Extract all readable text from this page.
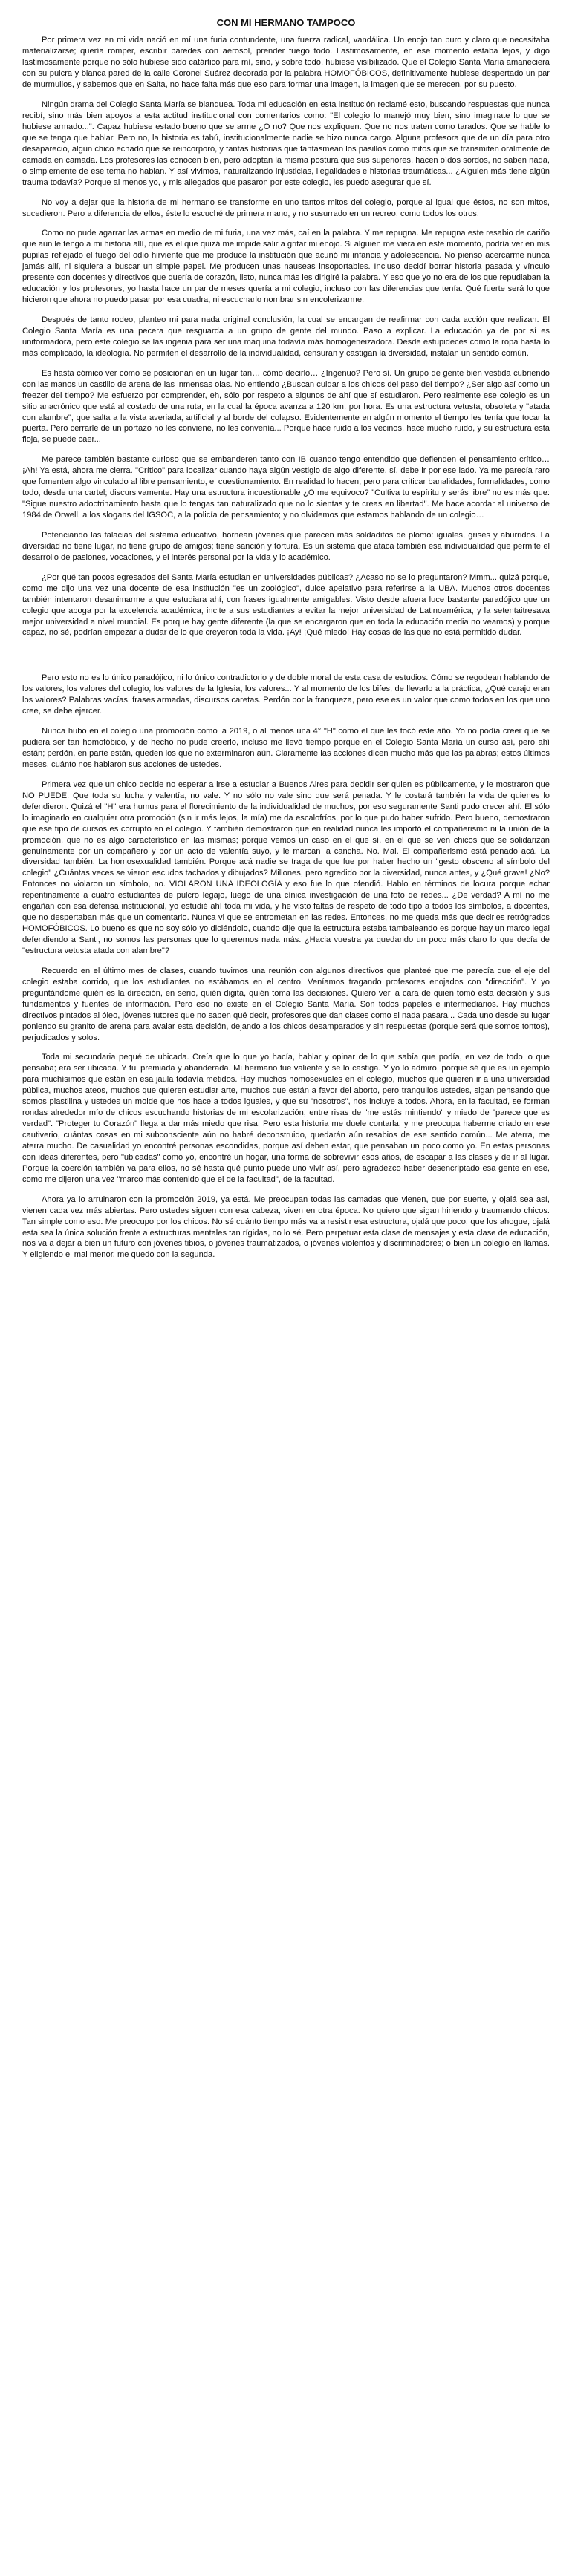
CON MI HERMANO TAMPOCO

Por primera vez en mi vida nació en mí una furia contundente, una fuerza radical, vandálica. Un enojo tan puro y claro que necesitaba materializarse; quería romper, escribir paredes con aerosol, prender fuego todo. Lastimosamente, en ese momento estaba lejos, y digo lastimosamente porque no sólo hubiese sido catártico para mí, sino, y sobre todo, hubiese visibilizado. Que el Colegio Santa María amaneciera con su pulcra y blanca pared de la calle Coronel Suárez decorada por la palabra HOMOFÓBICOS, definitivamente hubiese despertado un par de murmullos, y sabemos que en Salta, no hace falta más que eso para formar una imagen, la imagen que se merecen, por su puesto.

Ningún drama del Colegio Santa María se blanquea. Toda mi educación en esta institución reclamé esto, buscando respuestas que nunca recibí, sino más bien apoyos a esta actitud institucional con comentarios como: "El colegio lo manejó muy bien, sino imaginate lo que se hubiese armado...". Capaz hubiese estado bueno que se arme ¿O no? Que nos expliquen. Que no nos traten como tarados. Que se hable lo que se tenga que hablar. Pero no, la historia es tabú, institucionalmente nadie se hizo nunca cargo. Alguna profesora que de un día para otro desapareció, algún chico echado que se reincorporó, y tantas historias que fantasmean los pasillos como mitos que se transmiten oralmente de camada en camada. Los profesores las conocen bien, pero adoptan la misma postura que sus superiores, hacen oídos sordos, no saben nada, o simplemente de ese tema no hablan. Y así vivimos, naturalizando injusticias, ilegalidades e historias traumáticas... ¿Alguien más tiene algún trauma todavía? Porque al menos yo, y mis allegados que pasaron por este colegio, les puedo asegurar que sí.

No voy a dejar que la historia de mi hermano se transforme en uno tantos mitos del colegio, porque al igual que éstos, no son mitos, sucedieron. Pero a diferencia de ellos, éste lo escuché de primera mano, y no susurrado en un recreo, como todos los otros.

Como no pude agarrar las armas en medio de mi furia, una vez más, caí en la palabra. Y me repugna. Me repugna este resabio de cariño que aún le tengo a mi historia allí, que es el que quizá me impide salir a gritar mi enojo. Si alguien me viera en este momento, podría ver en mis pupilas reflejado el fuego del odio hirviente que me produce la institución que acunó mi infancia y adolescencia. No pienso acercarme nunca jamás allí, ni siquiera a buscar un simple papel. Me producen unas nauseas insoportables. Incluso decidí borrar historia pasada y vínculo presente con docentes y directivos que quería de corazón, listo, nunca más les dirigiré la palabra. Y eso que yo no era de los que repudiaban la educación y los profesores, yo hasta hace un par de meses quería a mi colegio, incluso con las diferencias que tenía. Qué fuerte será lo que hicieron que ahora no puedo pasar por esa cuadra, ni escucharlo nombrar sin encolerizarme.

Después de tanto rodeo, planteo mi para nada original conclusión, la cual se encargan de reafirmar con cada acción que realizan. El Colegio Santa María es una pecera que resguarda a un grupo de gente del mundo. Paso a explicar. La educación ya de por sí es uniformadora, pero este colegio se las ingenia para ser una máquina todavía más homogeneizadora. Desde estupideces como la ropa hasta lo más complicado, la ideología. No permiten el desarrollo de la individualidad, censuran y castigan la diversidad, instalan un sentido común.

Es hasta cómico ver cómo se posicionan en un lugar tan… cómo decirlo… ¿Ingenuo? Pero sí. Un grupo de gente bien vestida cubriendo con las manos un castillo de arena de las inmensas olas. No entiendo ¿Buscan cuidar a los chicos del paso del tiempo? ¿Ser algo así como un freezer del tiempo? Me esfuerzo por comprender, eh, sólo por respeto a algunos de ahí que sí estudiaron. Pero realmente ese colegio es un sitio anacrónico que está al costado de una ruta, en la cual la época avanza a 120 km. por hora. Es una estructura vetusta, obsoleta y "atada con alambre", que salta a la vista averiada, artificial y al borde del colapso. Evidentemente en algún momento el tiempo les tenía que tocar la puerta. Pero cerrarle de un portazo no les conviene, no les convenía... Porque hace ruido a los vecinos, hace mucho ruido, y su estructura está floja, se puede caer...

Me parece también bastante curioso que se embanderen tanto con IB cuando tengo entendido que defienden el pensamiento crítico… ¡Ah! Ya está, ahora me cierra. "Crítico" para localizar cuando haya algún vestigio de algo diferente, sí, debe ir por ese lado. Ya me parecía raro que fomenten algo vinculado al libre pensamiento, el cuestionamiento. En realidad lo hacen, pero para criticar banalidades, formalidades, como todo, desde una cartel; discursivamente. Hay una estructura incuestionable ¿O me equivoco? "Cultiva tu espíritu y serás libre" no es más que: "Sigue nuestro adoctrinamiento hasta que lo tengas tan naturalizado que no lo sientas y te creas en libertad". Me hace acordar al universo de 1984 de Orwell, a los slogans del IGSOC, a la policía de pensamiento; y no olvidemos que estamos hablando de un colegio…

Potenciando las falacias del sistema educativo, hornean jóvenes que parecen más soldaditos de plomo: iguales, grises y aburridos. La diversidad no tiene lugar, no tiene grupo de amigos; tiene sanción y tortura. Es un sistema que ataca también esa individualidad que permite el desarrollo de pasiones, vocaciones, y el interés personal por la vida y lo académico.

¿Por qué tan pocos egresados del Santa María estudian en universidades públicas? ¿Acaso no se lo preguntaron? Mmm... quizá porque, como me dijo una vez una docente de esa institución "es un zoológico", dulce apelativo para referirse a la UBA. Muchos otros docentes también intentaron desanimarme a que estudiara ahí, con frases igualmente amigables. Visto desde afuera luce bastante paradójico que un colegio que aboga por la excelencia académica, incite a sus estudiantes a evitar la mejor universidad de Latinoamérica, y la setentaitresava mejor universidad a nivel mundial. Es porque hay gente diferente (la que se encargaron que en toda la educación media no veamos) y porque capaz, no sé, podrían empezar a dudar de lo que creyeron toda la vida. ¡Ay! ¡Qué miedo! Hay cosas de las que no está permitido dudar.

Pero esto no es lo único paradójico, ni lo único contradictorio y de doble moral de esta casa de estudios. Cómo se regodean hablando de los valores, los valores del colegio, los valores de la Iglesia, los valores... Y al momento de los bifes, de llevarlo a la práctica, ¿Qué carajo eran los valores? Palabras vacías, frases armadas, discursos caretas. Perdón por la franqueza, pero ese es un valor que como todos en los que uno cree, se debe ejercer.

Nunca hubo en el colegio una promoción como la 2019, o al menos una 4° "H" como el que les tocó este año. Yo no podía creer que se pudiera ser tan homofóbico, y de hecho no pude creerlo, incluso me llevó tiempo porque en el Colegio Santa María un curso así, pero ahí están; perdón, en parte están, queden los que no exterminaron aún. Claramente las acciones dicen mucho más que las palabras; estos últimos meses, cuánto nos hablaron sus acciones de ustedes.

Primera vez que un chico decide no esperar a irse a estudiar a Buenos Aires para decidir ser quien es públicamente, y le mostraron que NO PUEDE. Que toda su lucha y valentía, no vale. Y no sólo no vale sino que será penada. Y le costará también la vida de quienes lo defendieron. Quizá el "H" era humus para el florecimiento de la individualidad de muchos, por eso seguramente Santi pudo crecer ahí. El sólo lo imaginarlo en cualquier otra promoción (sin ir más lejos, la mía) me da escalofríos, por lo que pudo haber sufrido. Pero bueno, demostraron que ese tipo de cursos es corrupto en el colegio. Y también demostraron que en realidad nunca les importó el compañerismo ni la unión de la promoción, que no es algo característico en las mismas; porque vemos un caso en el que sí, en el que se ven chicos que se solidarizan genuinamente por un compañero y por un acto de valentía suyo, y le marcan la cancha. No. Mal. El compañerismo está penado acá. La diversidad también. La homosexualidad también. Porque acá nadie se traga de que fue por haber hecho un "gesto obsceno al símbolo del colegio" ¿Cuántas veces se vieron escudos tachados y dibujados? Millones, pero agredido por la diversidad, nunca antes, y ¿Qué grave! ¿No? Entonces no violaron un símbolo, no. VIOLARON UNA IDEOLOGÍA y eso fue lo que ofendió. Hablo en términos de locura porque echar repentinamente a cuatro estudiantes de pulcro legajo, luego de una cínica investigación de una foto de redes... ¿De verdad? A mí no me engañan con esa defensa institucional, yo estudié ahí toda mi vida, y he visto faltas de respeto de todo tipo a todos los símbolos, a docentes, que no despertaban más que un comentario. Nunca vi que se entrometan en las redes. Entonces, no me queda más que decirles retrógrados HOMOFÓBICOS. Lo bueno es que no soy sólo yo diciéndolo, cuando dije que la estructura estaba tambaleando es porque hay un marco legal defendiendo a Santi, no somos las personas que lo queremos nada más. ¿Hacia vuestra ya quedando un poco más claro lo que decía de "estructura vetusta atada con alambre"?

Recuerdo en el último mes de clases, cuando tuvimos una reunión con algunos directivos que planteé que me parecía que el eje del colegio estaba corrido, que los estudiantes no estábamos en el centro. Veníamos tragando profesores enojados con "dirección". Y yo preguntándome quién es la dirección, en serio, quién digita, quién toma las decisiones. Quiero ver la cara de quien tomó esta decisión y sus fundamentos y fuentes de información. Pero eso no existe en el Colegio Santa María. Son todos papeles e intermediarios. Hay muchos directivos pintados al óleo, jóvenes tutores que no saben qué decir, profesores que dan clases como si nada pasara... Cada uno desde su lugar poniendo su granito de arena para avalar esta decisión, dejando a los chicos desamparados y sin respuestas (porque será que somos tontos), perjudicados y solos.

Toda mi secundaria pequé de ubicada. Creía que lo que yo hacía, hablar y opinar de lo que sabía que podía, en vez de todo lo que pensaba; era ser ubicada. Y fui premiada y abanderada. Mi hermano fue valiente y se lo castiga. Y yo lo admiro, porque sé que es un ejemplo para muchísimos que están en esa jaula todavía metidos. Hay muchos homosexuales en el colegio, muchos que quieren ir a una universidad pública, muchos ateos, muchos que quieren estudiar arte, muchos que están a favor del aborto, pero tranquilos ustedes, sigan pensando que somos plastilina y ustedes un molde que nos hace a todos iguales, y que su "nosotros", nos incluye a todos. Ahora, en la facultad, se forman rondas alrededor mío de chicos escuchando historias de mi escolarización, entre risas de "me estás mintiendo" y miedo de "parece que es verdad". "Proteger tu Corazón" llega a dar más miedo que risa. Pero esta historia me duele contarla, y me preocupa haberme criado en ese cautiverio, cuántas cosas en mi subconsciente aún no habré deconstruido, quedarán aún resabios de ese sentido común... Me aterra, me aterra mucho. De casualidad yo encontré personas escondidas, porque así deben estar, que pensaban un poco como yo. En estas personas con ideas diferentes, pero "ubicadas" como yo, encontré un hogar, una forma de sobrevivir esos años, de escapar a las clases y de ir al lugar. Porque la coerción también va para ellos, no sé hasta qué punto puede uno vivir así, pero agradezco haber desencriptado esa gente en ese, como me dijeron una vez "marco más contenido que el de la facultad", de la facultad.

Ahora ya lo arruinaron con la promoción 2019, ya está. Me preocupan todas las camadas que vienen, que por suerte, y ojalá sea así, vienen cada vez más abiertas. Pero ustedes siguen con esa cabeza, viven en otra época. No quiero que sigan hiriendo y traumando chicos. Tan simple como eso. Me preocupo por los chicos. No sé cuánto tiempo más va a resistir esa estructura, ojalá que poco, que los ahogue, ojalá esta sea la única solución frente a estructuras mentales tan rígidas, no lo sé. Pero perpetuar esta clase de mensajes y esta clase de educación, nos va a dejar a bien un futuro con jóvenes tibios, o jóvenes traumatizados, o jóvenes violentos y discriminadores; o bien un colegio en llamas. Y eligiendo el mal menor, me quedo con la segunda.
